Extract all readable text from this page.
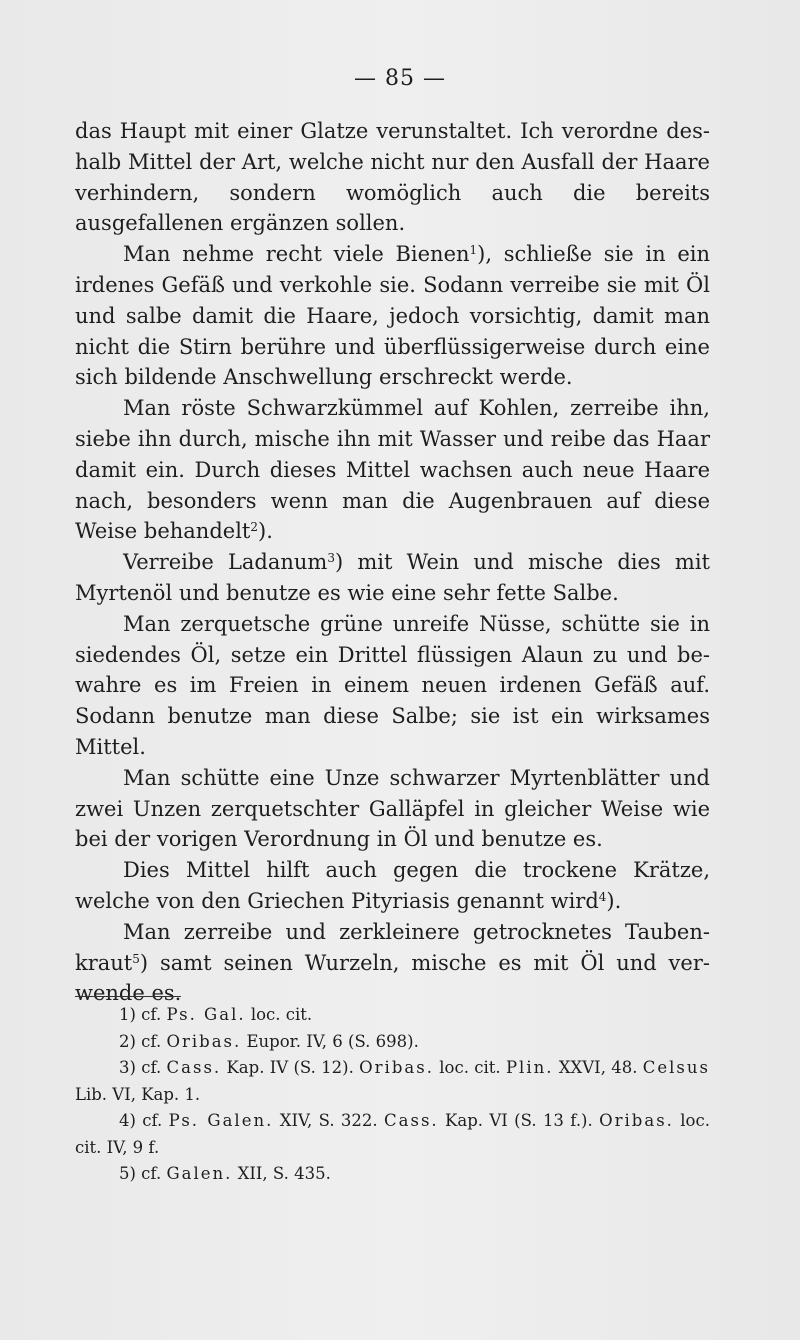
— 85 —

das Haupt mit einer Glatze verunstaltet. Ich verordne deshalb Mittel der Art, welche nicht nur den Ausfall der Haare verhindern, sondern womöglich auch die bereits ausgefallenen ergänzen sollen.

Man nehme recht viele Bienen$^1$), schließe sie in ein irdenes Gefäß und verkohle sie. Sodann verreibe sie mit Öl und salbe damit die Haare, jedoch vorsichtig, damit man nicht die Stirn berühre und überflüssigerweise durch eine sich bildende Anschwellung erschreckt werde.

Man röste Schwarzkümmel auf Kohlen, zerreibe ihn, siebe ihn durch, mische ihn mit Wasser und reibe das Haar damit ein. Durch dieses Mittel wachsen auch neue Haare nach, besonders wenn man die Augenbrauen auf diese Weise behandelt$^2$).

Verreibe Ladanum$^3$) mit Wein und mische dies mit Myrtenöl und benutze es wie eine sehr fette Salbe.

Man zerquetsche grüne unreife Nüsse, schütte sie in siedendes Öl, setze ein Drittel flüssigen Alaun zu und bewahre es im Freien in einem neuen irdenen Gefäß auf. Sodann benutze man diese Salbe; sie ist ein wirksames Mittel.

Man schütte eine Unze schwarzer Myrtenblätter und zwei Unzen zerquetschter Galläpfel in gleicher Weise wie bei der vorigen Verordnung in Öl und benutze es.

Dies Mittel hilft auch gegen die trockene Krätze, welche von den Griechen Pityriasis genannt wird$^4$).

Man zerreibe und zerkleinere getrocknetes Taubenkraut$^5$) samt seinen Wurzeln, mische es mit Öl und verwende es.

1) cf. Ps. Gal. loc. cit.

2) cf. Oribas. Eupor. IV, 6 (S. 698).

3) cf. Cass. Kap. IV (S. 12). Oribas. loc. cit. Plin. XXVI, 48. Celsus Lib. VI, Kap. 1.

4) cf. Ps. Galen. XIV, S. 322. Cass. Kap. VI (S. 13 f.). Oribas. loc. cit. IV, 9 f.

5) cf. Galen. XII, S. 435.
